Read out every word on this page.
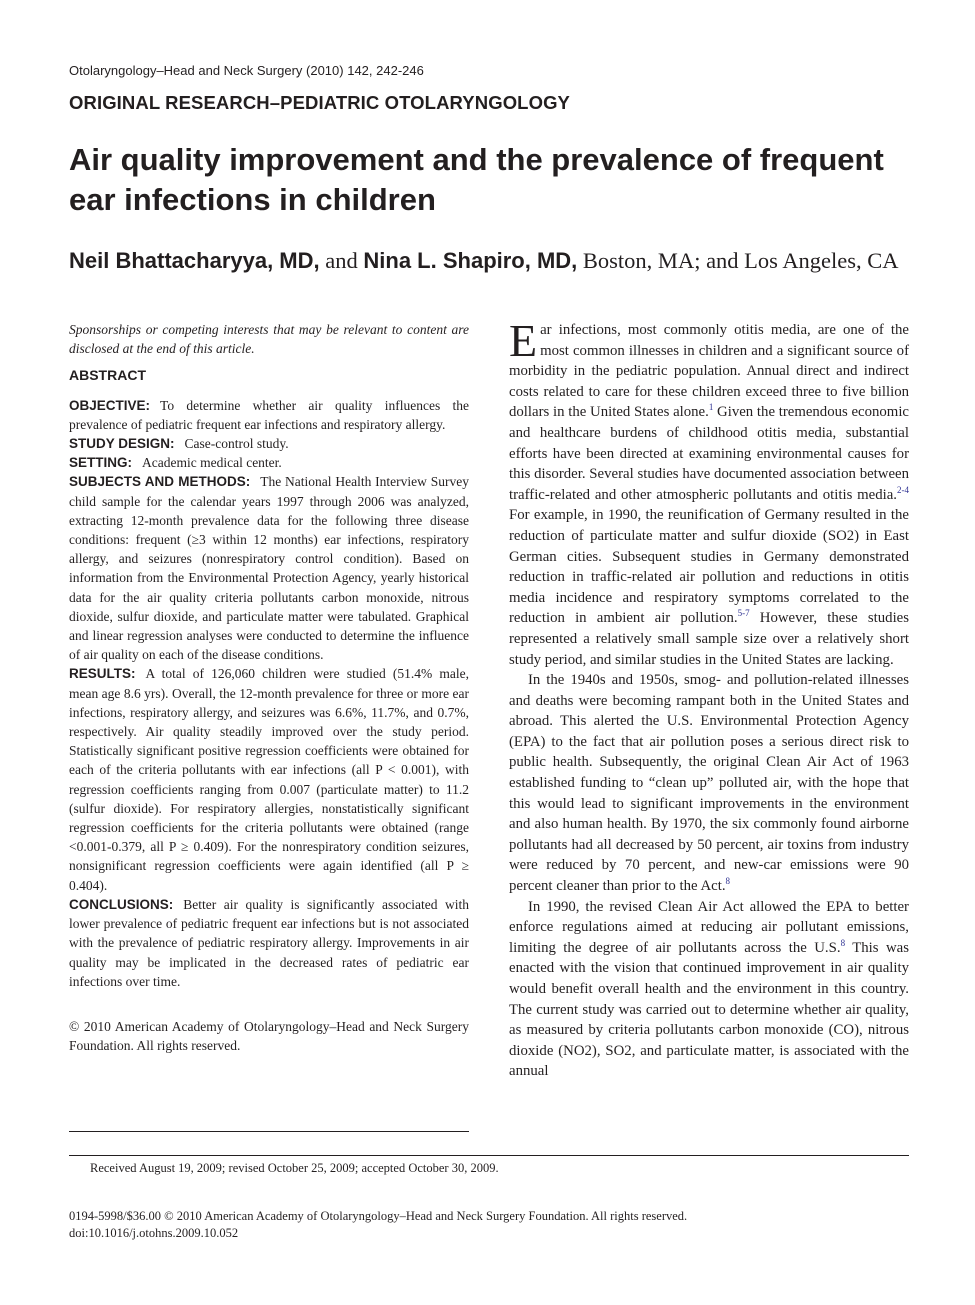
Otolaryngology–Head and Neck Surgery (2010) 142, 242-246
ORIGINAL RESEARCH–PEDIATRIC OTOLARYNGOLOGY
Air quality improvement and the prevalence of frequent ear infections in children
Neil Bhattacharyya, MD, and Nina L. Shapiro, MD, Boston, MA; and Los Angeles, CA

Sponsorships or competing interests that may be relevant to content are disclosed at the end of this article.

ABSTRACT

OBJECTIVE: To determine whether air quality influences the prevalence of pediatric frequent ear infections and respiratory allergy.

STUDY DESIGN: Case-control study.

SETTING: Academic medical center.

SUBJECTS AND METHODS: The National Health Interview Survey child sample for the calendar years 1997 through 2006 was analyzed, extracting 12-month prevalence data for the following three disease conditions: frequent (≥3 within 12 months) ear infections, respiratory allergy, and seizures (nonrespiratory control condition). Based on information from the Environmental Protection Agency, yearly historical data for the air quality criteria pollutants carbon monoxide, nitrous dioxide, sulfur dioxide, and particulate matter were tabulated. Graphical and linear regression analyses were conducted to determine the influence of air quality on each of the disease conditions.

RESULTS: A total of 126,060 children were studied (51.4% male, mean age 8.6 yrs). Overall, the 12-month prevalence for three or more ear infections, respiratory allergy, and seizures was 6.6%, 11.7%, and 0.7%, respectively. Air quality steadily improved over the study period. Statistically significant positive regression coefficients were obtained for each of the criteria pollutants with ear infections (all P < 0.001), with regression coefficients ranging from 0.007 (particulate matter) to 11.2 (sulfur dioxide). For respiratory allergies, nonstatistically significant regression coefficients for the criteria pollutants were obtained (range <0.001-0.379, all P ≥ 0.409). For the nonrespiratory condition seizures, nonsignificant regression coefficients were again identified (all P ≥ 0.404).

CONCLUSIONS: Better air quality is significantly associated with lower prevalence of pediatric frequent ear infections but is not associated with the prevalence of pediatric respiratory allergy. Improvements in air quality may be implicated in the decreased rates of pediatric ear infections over time.

© 2010 American Academy of Otolaryngology–Head and Neck Surgery Foundation. All rights reserved.

Ear infections, most commonly otitis media, are one of the most common illnesses in children and a significant source of morbidity in the pediatric population. Annual direct and indirect costs related to care for these children exceed three to five billion dollars in the United States alone.$^1$ Given the tremendous economic and healthcare burdens of childhood otitis media, substantial efforts have been directed at examining environmental causes for this disorder. Several studies have documented association between traffic-related and other atmospheric pollutants and otitis media.$^{2-4}$ For example, in 1990, the reunification of Germany resulted in the reduction of particulate matter and sulfur dioxide (SO2) in East German cities. Subsequent studies in Germany demonstrated reduction in traffic-related air pollution and reductions in otitis media incidence and respiratory symptoms correlated to the reduction in ambient air pollution.$^{5-7}$ However, these studies represented a relatively small sample size over a relatively short study period, and similar studies in the United States are lacking.

In the 1940s and 1950s, smog- and pollution-related illnesses and deaths were becoming rampant both in the United States and abroad. This alerted the U.S. Environmental Protection Agency (EPA) to the fact that air pollution poses a serious direct risk to public health. Subsequently, the original Clean Air Act of 1963 established funding to “clean up” polluted air, with the hope that this would lead to significant improvements in the environment and also human health. By 1970, the six commonly found airborne pollutants had all decreased by 50 percent, air toxins from industry were reduced by 70 percent, and new-car emissions were 90 percent cleaner than prior to the Act.$^8$

In 1990, the revised Clean Air Act allowed the EPA to better enforce regulations aimed at reducing air pollutant emissions, limiting the degree of air pollutants across the U.S.$^8$ This was enacted with the vision that continued improvement in air quality would benefit overall health and the environment in this country. The current study was carried out to determine whether air quality, as measured by criteria pollutants carbon monoxide (CO), nitrous dioxide (NO2), SO2, and particulate matter, is associated with the annual

Received August 19, 2009; revised October 25, 2009; accepted October 30, 2009.
0194-5998/$36.00 © 2010 American Academy of Otolaryngology–Head and Neck Surgery Foundation. All rights reserved.
doi:10.1016/j.otohns.2009.10.052
